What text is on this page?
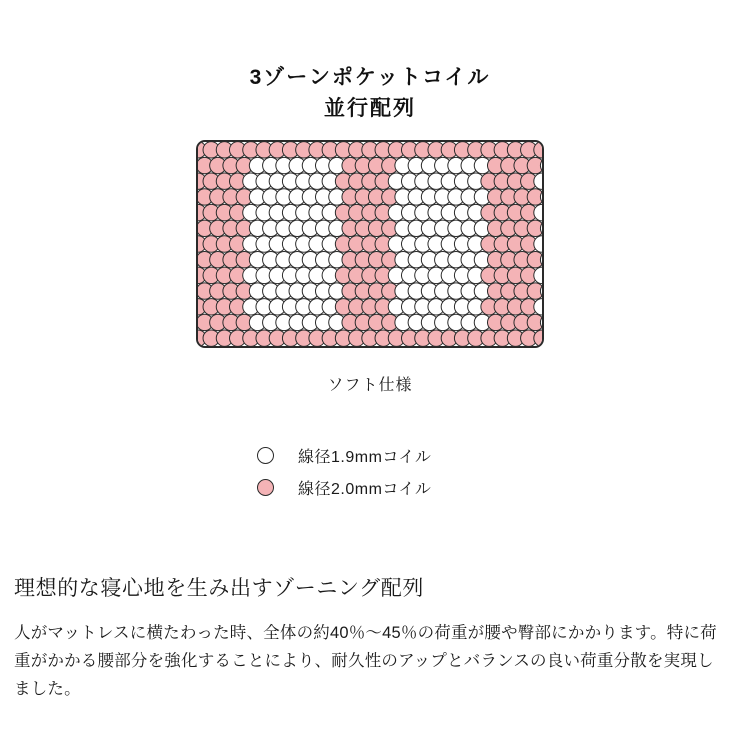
3ゾーンポケットコイル
並行配列
ソフト仕様
線径1.9mmコイル
線径2.0mmコイル
理想的な寝心地を生み出すゾーニング配列
人がマットレスに横たわった時、全体の約40％〜45％の荷重が腰や臀部にかかります。特に荷重がかかる腰部分を強化することにより、耐久性のアップとバランスの良い荷重分散を実現しました。
